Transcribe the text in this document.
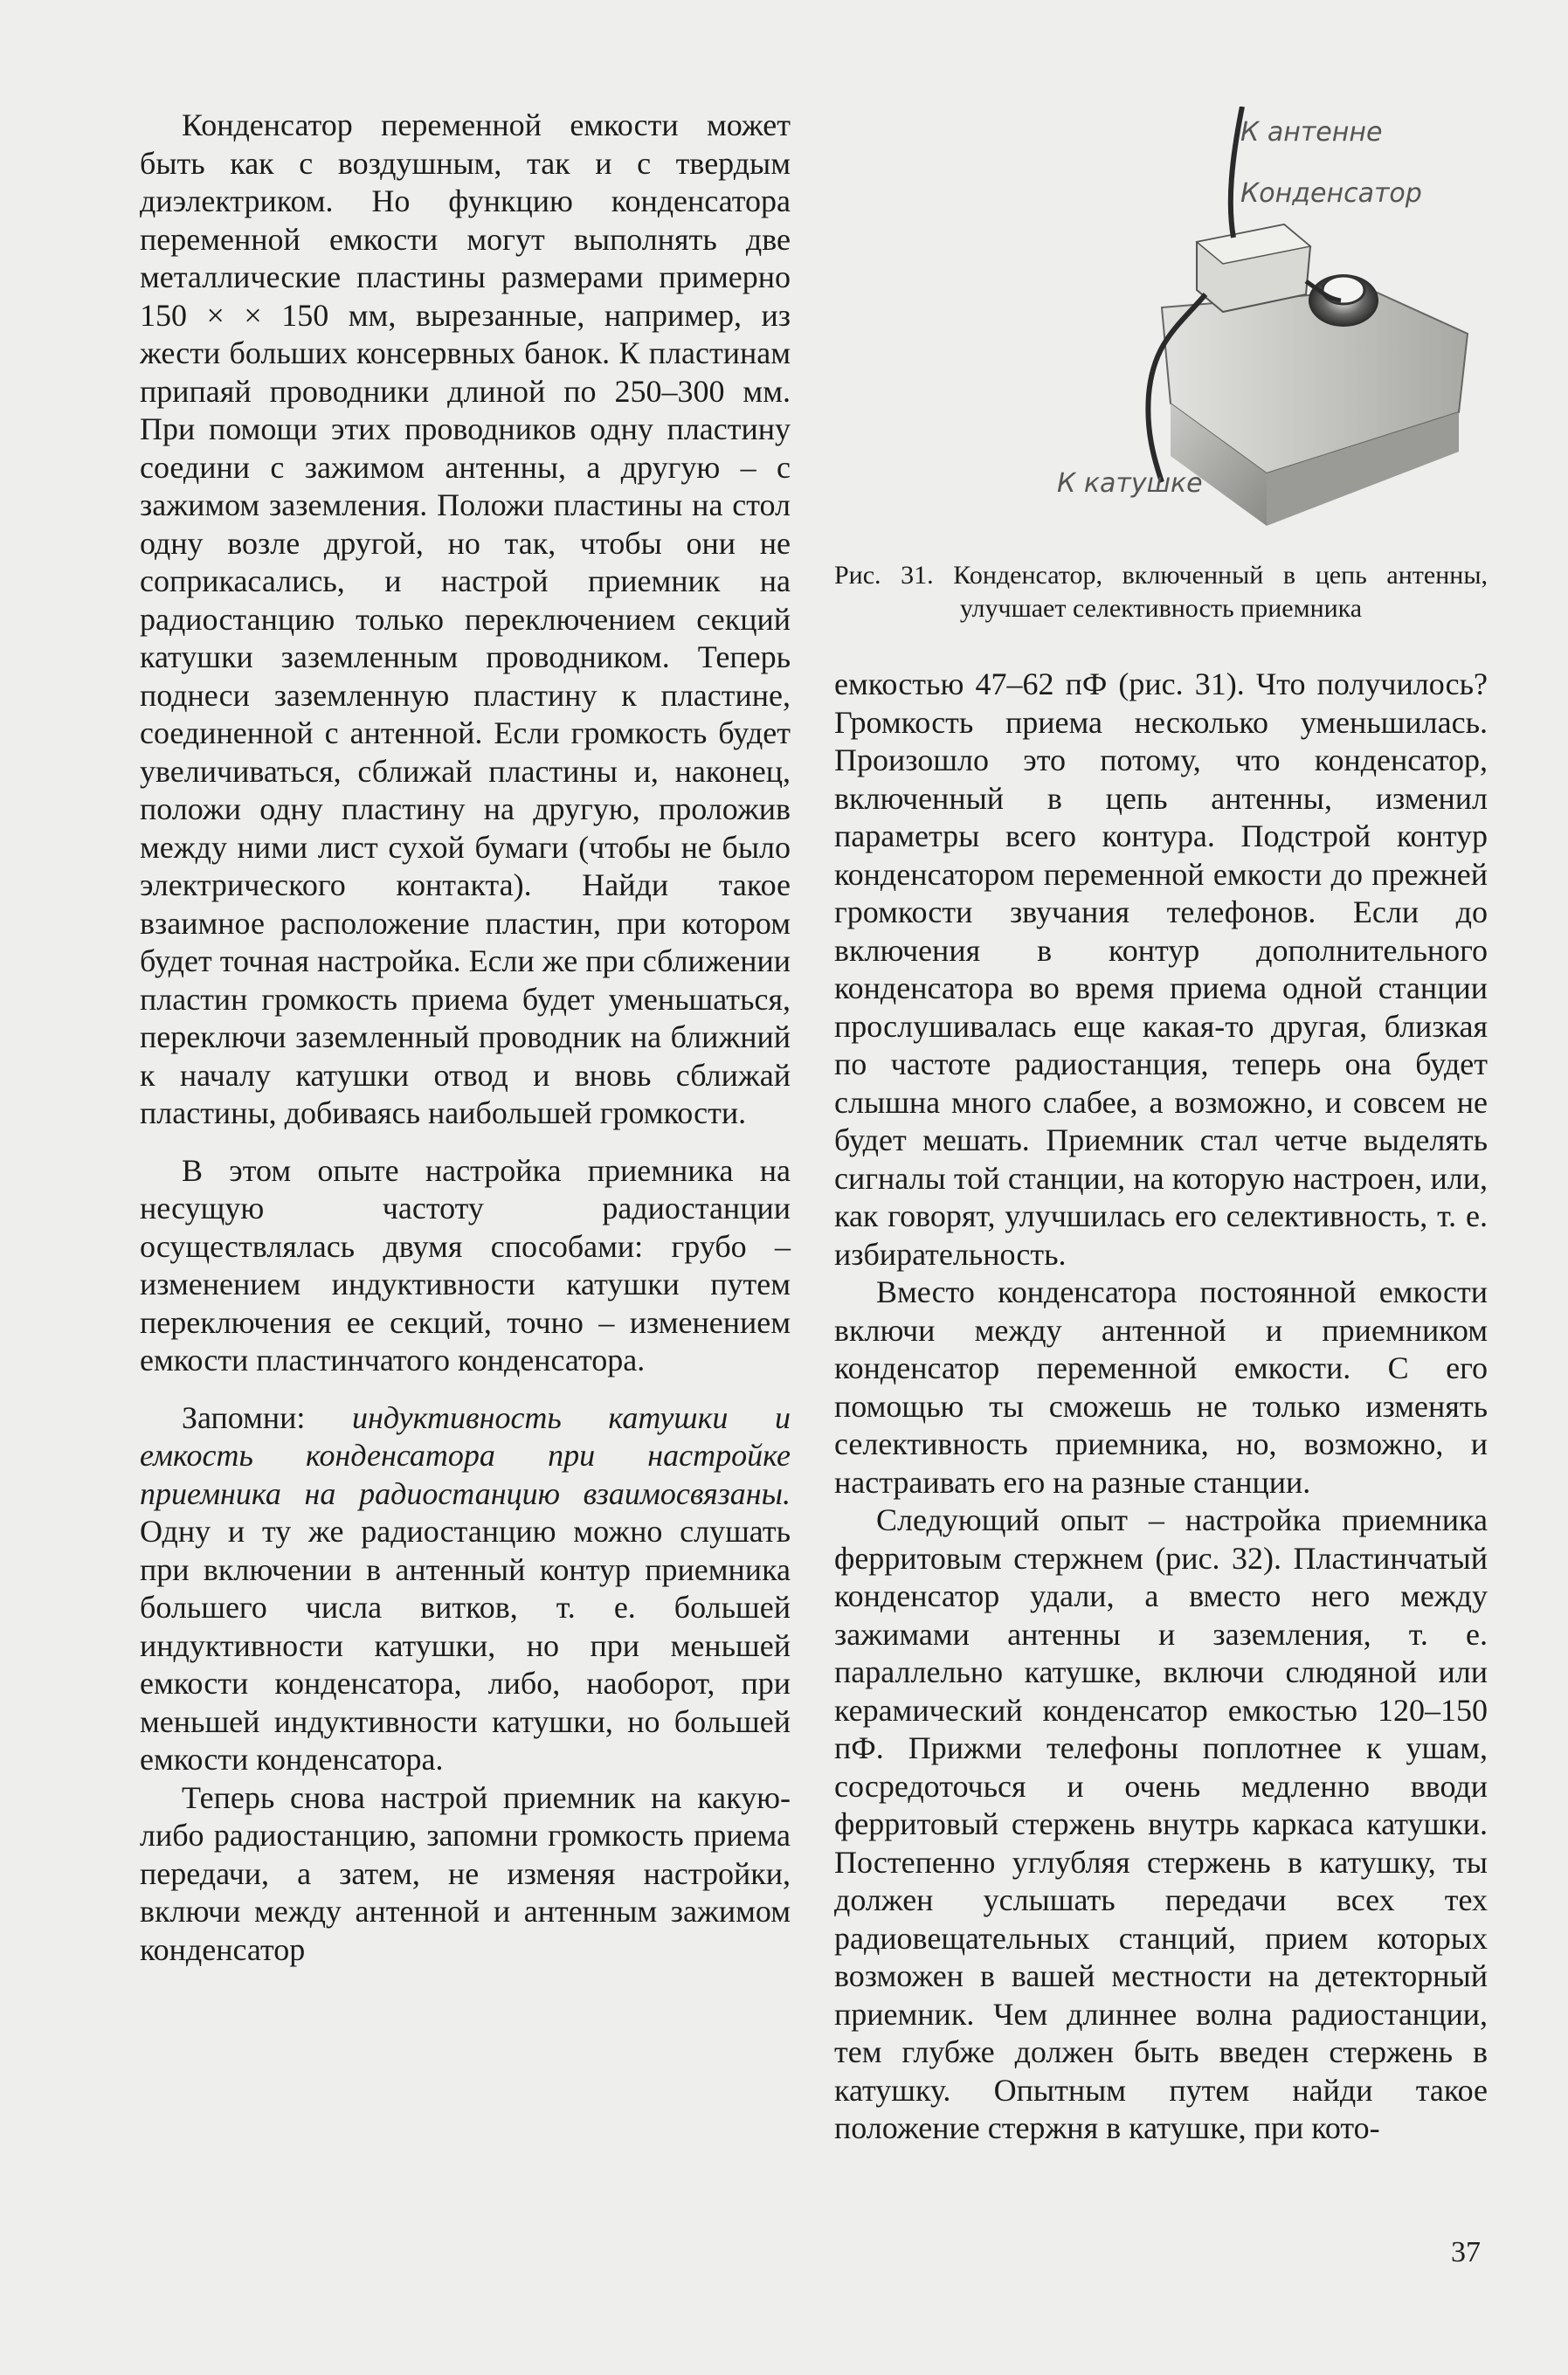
Конденсатор переменной емкости может быть как с воздушным, так и с твердым диэлектриком. Но функцию конденсатора переменной емкости могут выполнять две металлические пластины размерами примерно 150 × × 150 мм, вырезанные, например, из жести больших консервных банок. К пластинам припаяй проводники длиной по 250–300 мм. При помощи этих проводников одну пластину соедини с зажимом антенны, а другую – с зажимом заземления. Положи пластины на стол одну возле другой, но так, чтобы они не соприкасались, и настрой приемник на радиостанцию только переключением секций катушки заземленным проводником. Теперь поднеси заземленную пластину к пластине, соединенной с антенной. Если громкость будет увеличиваться, сближай пластины и, наконец, положи одну пластину на другую, проложив между ними лист сухой бумаги (чтобы не было электрического контакта). Найди такое взаимное расположение пластин, при котором будет точная настройка. Если же при сближении пластин громкость приема будет уменьшаться, переключи заземленный проводник на ближний к началу катушки отвод и вновь сближай пластины, добиваясь наибольшей громкости.

В этом опыте настройка приемника на несущую частоту радиостанции осуществлялась двумя способами: грубо – изменением индуктивности катушки путем переключения ее секций, точно – изменением емкости пластинчатого конденсатора.

Запомни: индуктивность катушки и емкость конденсатора при настройке приемника на радиостанцию взаимосвязаны. Одну и ту же радиостанцию можно слушать при включении в антенный контур приемника большего числа витков, т. е. большей индуктивности катушки, но при меньшей емкости конденсатора, либо, наоборот, при меньшей индуктивности катушки, но большей емкости конденсатора.

Теперь снова настрой приемник на какую-либо радиостанцию, запомни громкость приема передачи, а затем, не изменяя настройки, включи между антенной и антенным зажимом конденсатор

К антенне
Конденсатор
К катушке
Рис. 31. Конденсатор, включенный в цепь антенны, улучшает селективность приемника

емкостью 47–62 пФ (рис. 31). Что получилось? Громкость приема несколько уменьшилась. Произошло это потому, что конденсатор, включенный в цепь антенны, изменил параметры всего контура. Подстрой контур конденсатором переменной емкости до прежней громкости звучания телефонов. Если до включения в контур дополнительного конденсатора во время приема одной станции прослушивалась еще какая-то другая, близкая по частоте радиостанция, теперь она будет слышна много слабее, а возможно, и совсем не будет мешать. Приемник стал четче выделять сигналы той станции, на которую настроен, или, как говорят, улучшилась его селективность, т. е. избирательность.

Вместо конденсатора постоянной емкости включи между антенной и приемником конденсатор переменной емкости. С его помощью ты сможешь не только изменять селективность приемника, но, возможно, и настраивать его на разные станции.

Следующий опыт – настройка приемника ферритовым стержнем (рис. 32). Пластинчатый конденсатор удали, а вместо него между зажимами антенны и заземления, т. е. параллельно катушке, включи слюдяной или керамический конденсатор емкостью 120–150 пФ. Прижми телефоны поплотнее к ушам, сосредоточься и очень медленно вводи ферритовый стержень внутрь каркаса катушки. Постепенно углубляя стержень в катушку, ты должен услышать передачи всех тех радиовещательных станций, прием которых возможен в вашей местности на детекторный приемник. Чем длиннее волна радиостанции, тем глубже должен быть введен стержень в катушку. Опытным путем найди такое положение стержня в катушке, при кото-

37
